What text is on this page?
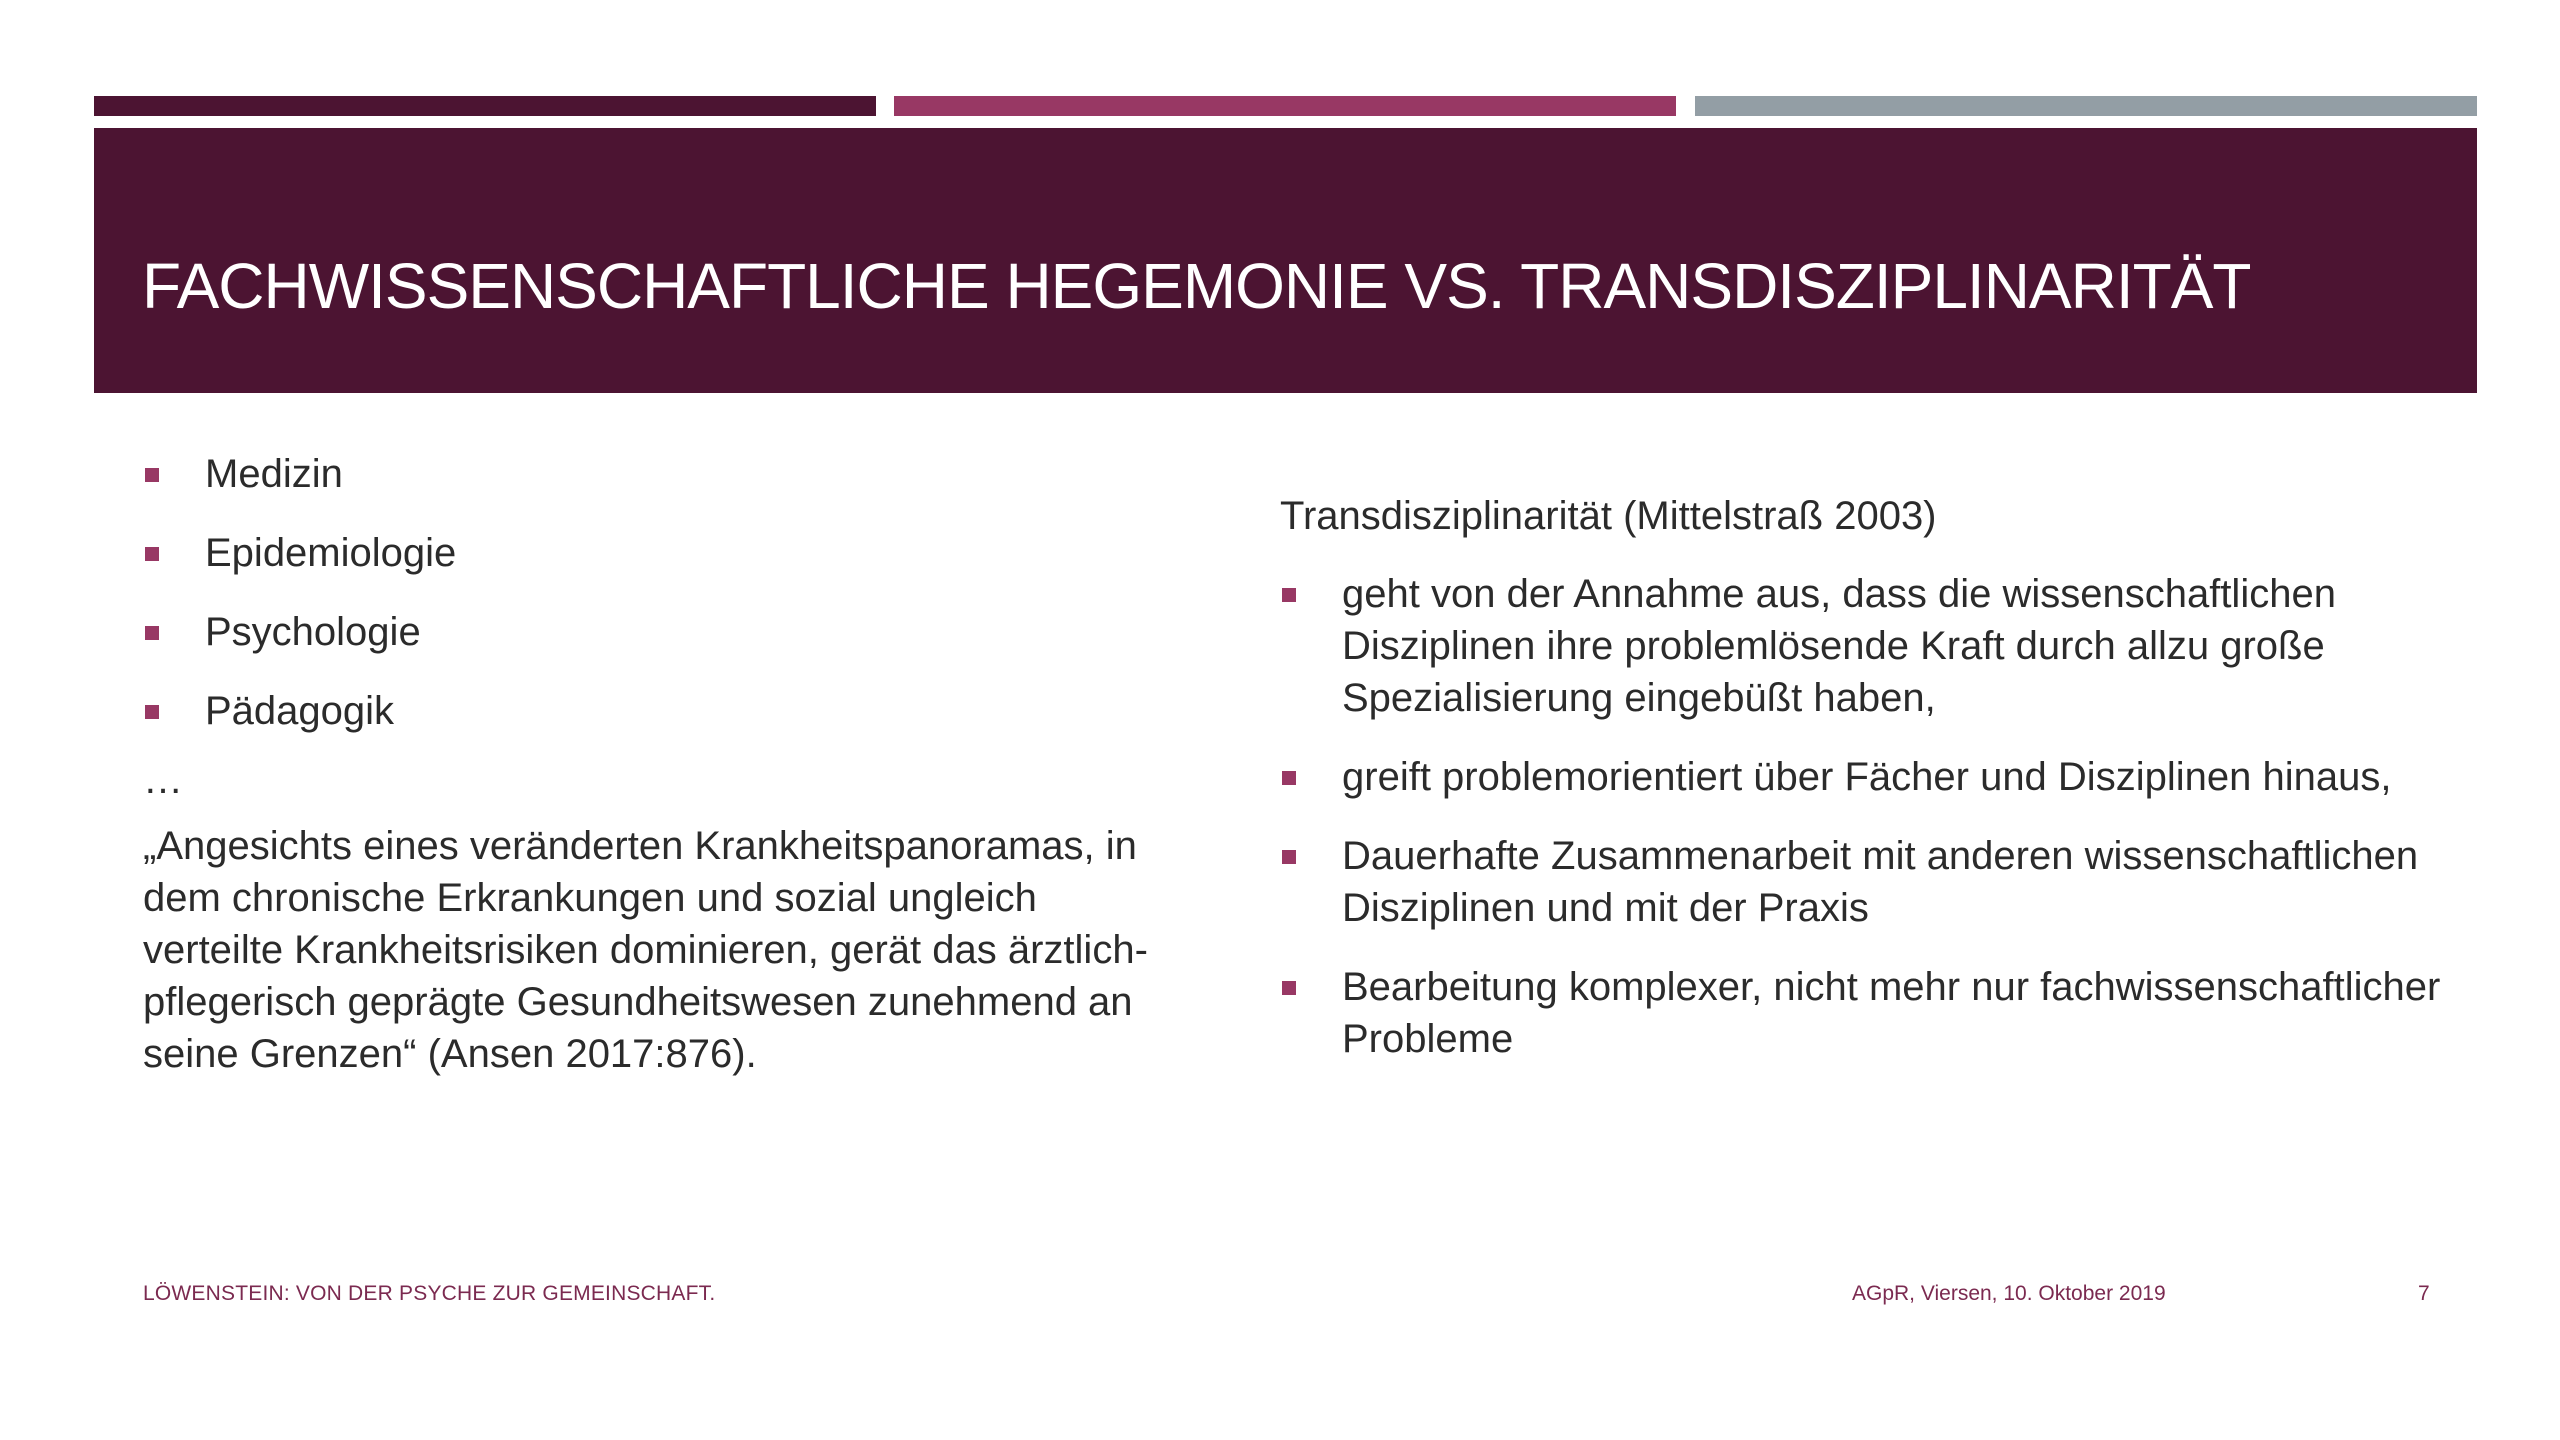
FACHWISSENSCHAFTLICHE HEGEMONIE VS. TRANSDISZIPLINARITÄT
Medizin
Epidemiologie
Psychologie
Pädagogik
…

„Angesichts eines veränderten Krankheitspanoramas, in dem chronische Erkrankungen und sozial ungleich verteilte Krankheitsrisiken dominieren, gerät das ärztlich-pflegerisch geprägte Gesundheitswesen zunehmend an seine Grenzen“ (Ansen 2017:876).

Transdisziplinarität (Mittelstraß 2003)

geht von der Annahme aus, dass die wissenschaftlichen Disziplinen ihre problemlösende Kraft durch allzu große Spezialisierung eingebüßt haben,
greift problemorientiert über Fächer und Disziplinen hinaus,
Dauerhafte Zusammenarbeit mit anderen wissenschaftlichen Disziplinen und mit der Praxis
Bearbeitung komplexer, nicht mehr nur fachwissenschaftlicher Probleme
LÖWENSTEIN: VON DER PSYCHE ZUR GEMEINSCHAFT.	AGpR, Viersen, 10. Oktober 2019	7
